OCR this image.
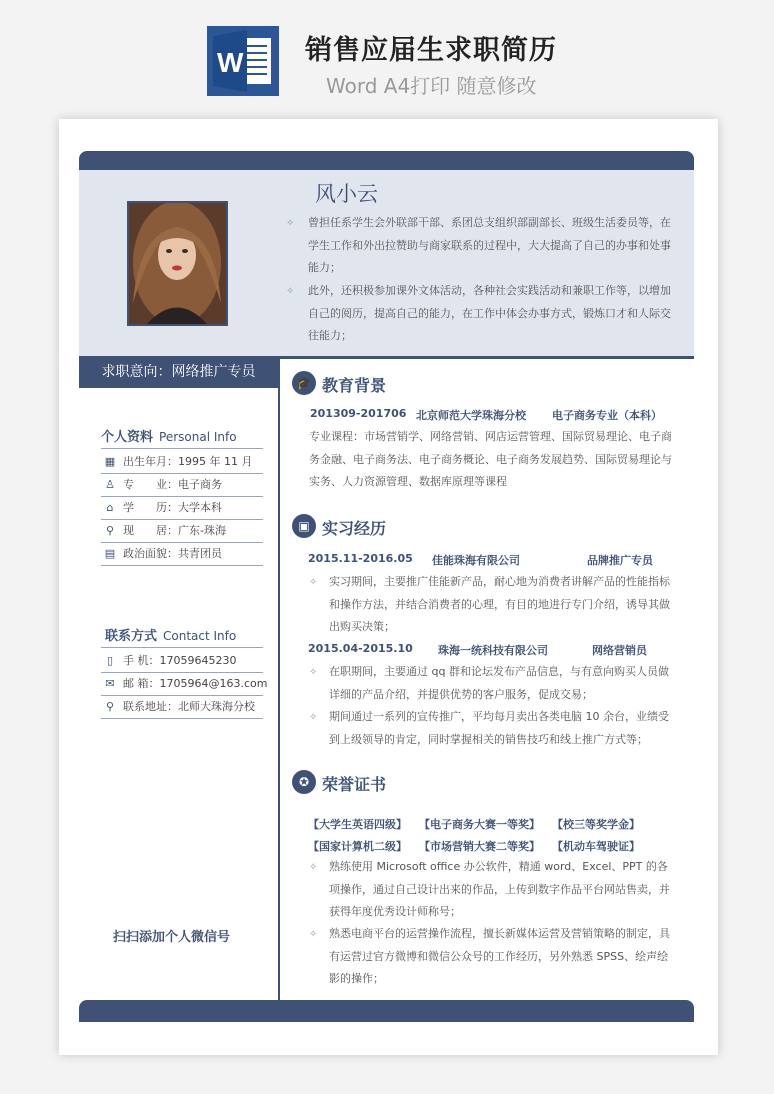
W 销售应届生求职简历
Word A4打印 随意修改
风小云
✧	曾担任系学生会外联部干部、系团总支组织部副部长、班级生活委员等，在学生工作和外出拉赞助与商家联系的过程中，大大提高了自己的办事和处事能力；
✧	此外，还积极参加课外文体活动，各种社会实践活动和兼职工作等，以增加自己的阅历，提高自己的能力，在工作中体会办事方式，锻炼口才和人际交往能力；
求职意向：网络推广专员
个人资料 Personal Info
▦ 出生年月：1995 年 11 月
♙ 专　　业：电子商务
⌂ 学　　历：大学本科
⚲ 现　　居：广东-珠海
▤ 政治面貌：共青团员
联系方式 Contact Info
▯ 手 机：17059645230
✉ 邮 箱：1705964@163.com
⚲ 联系地址：北师大珠海分校
扫扫添加个人微信号
🎓 教育背景
201309-201706 北京师范大学珠海分校 电子商务专业（本科）
专业课程：市场营销学、网络营销、网店运营管理、国际贸易理论、电子商务金融、电子商务法、电子商务概论、电子商务发展趋势、国际贸易理论与实务、人力资源管理、数据库原理等课程
▣ 实习经历
2015.11-2016.05 佳能珠海有限公司	品牌推广专员
✧	实习期间，主要推广佳能新产品，耐心地为消费者讲解产品的性能指标和操作方法，并结合消费者的心理，有目的地进行专门介绍，诱导其做出购买决策；
2015.04-2015.10 珠海一统科技有限公司	网络营销员
✧	在职期间，主要通过 qq 群和论坛发布产品信息，与有意向购买人员做详细的产品介绍，并提供优势的客户服务，促成交易；
✧	期间通过一系列的宣传推广，平均每月卖出各类电脑 10 余台，业绩受到上级领导的肯定，同时掌握相关的销售技巧和线上推广方式等；
✪ 荣誉证书
【大学生英语四级】 【电子商务大赛一等奖】 【校三等奖学金】
【国家计算机二级】 【市场营销大赛二等奖】 【机动车驾驶证】
✧	熟练使用 Microsoft office 办公软件，精通 word、Excel、PPT 的各项操作，通过自己设计出来的作品，上传到数字作品平台网站售卖，并获得年度优秀设计师称号；
✧	熟悉电商平台的运营操作流程，擅长新媒体运营及营销策略的制定，具有运营过官方微博和微信公众号的工作经历，另外熟悉 SPSS、绘声绘影的操作；
